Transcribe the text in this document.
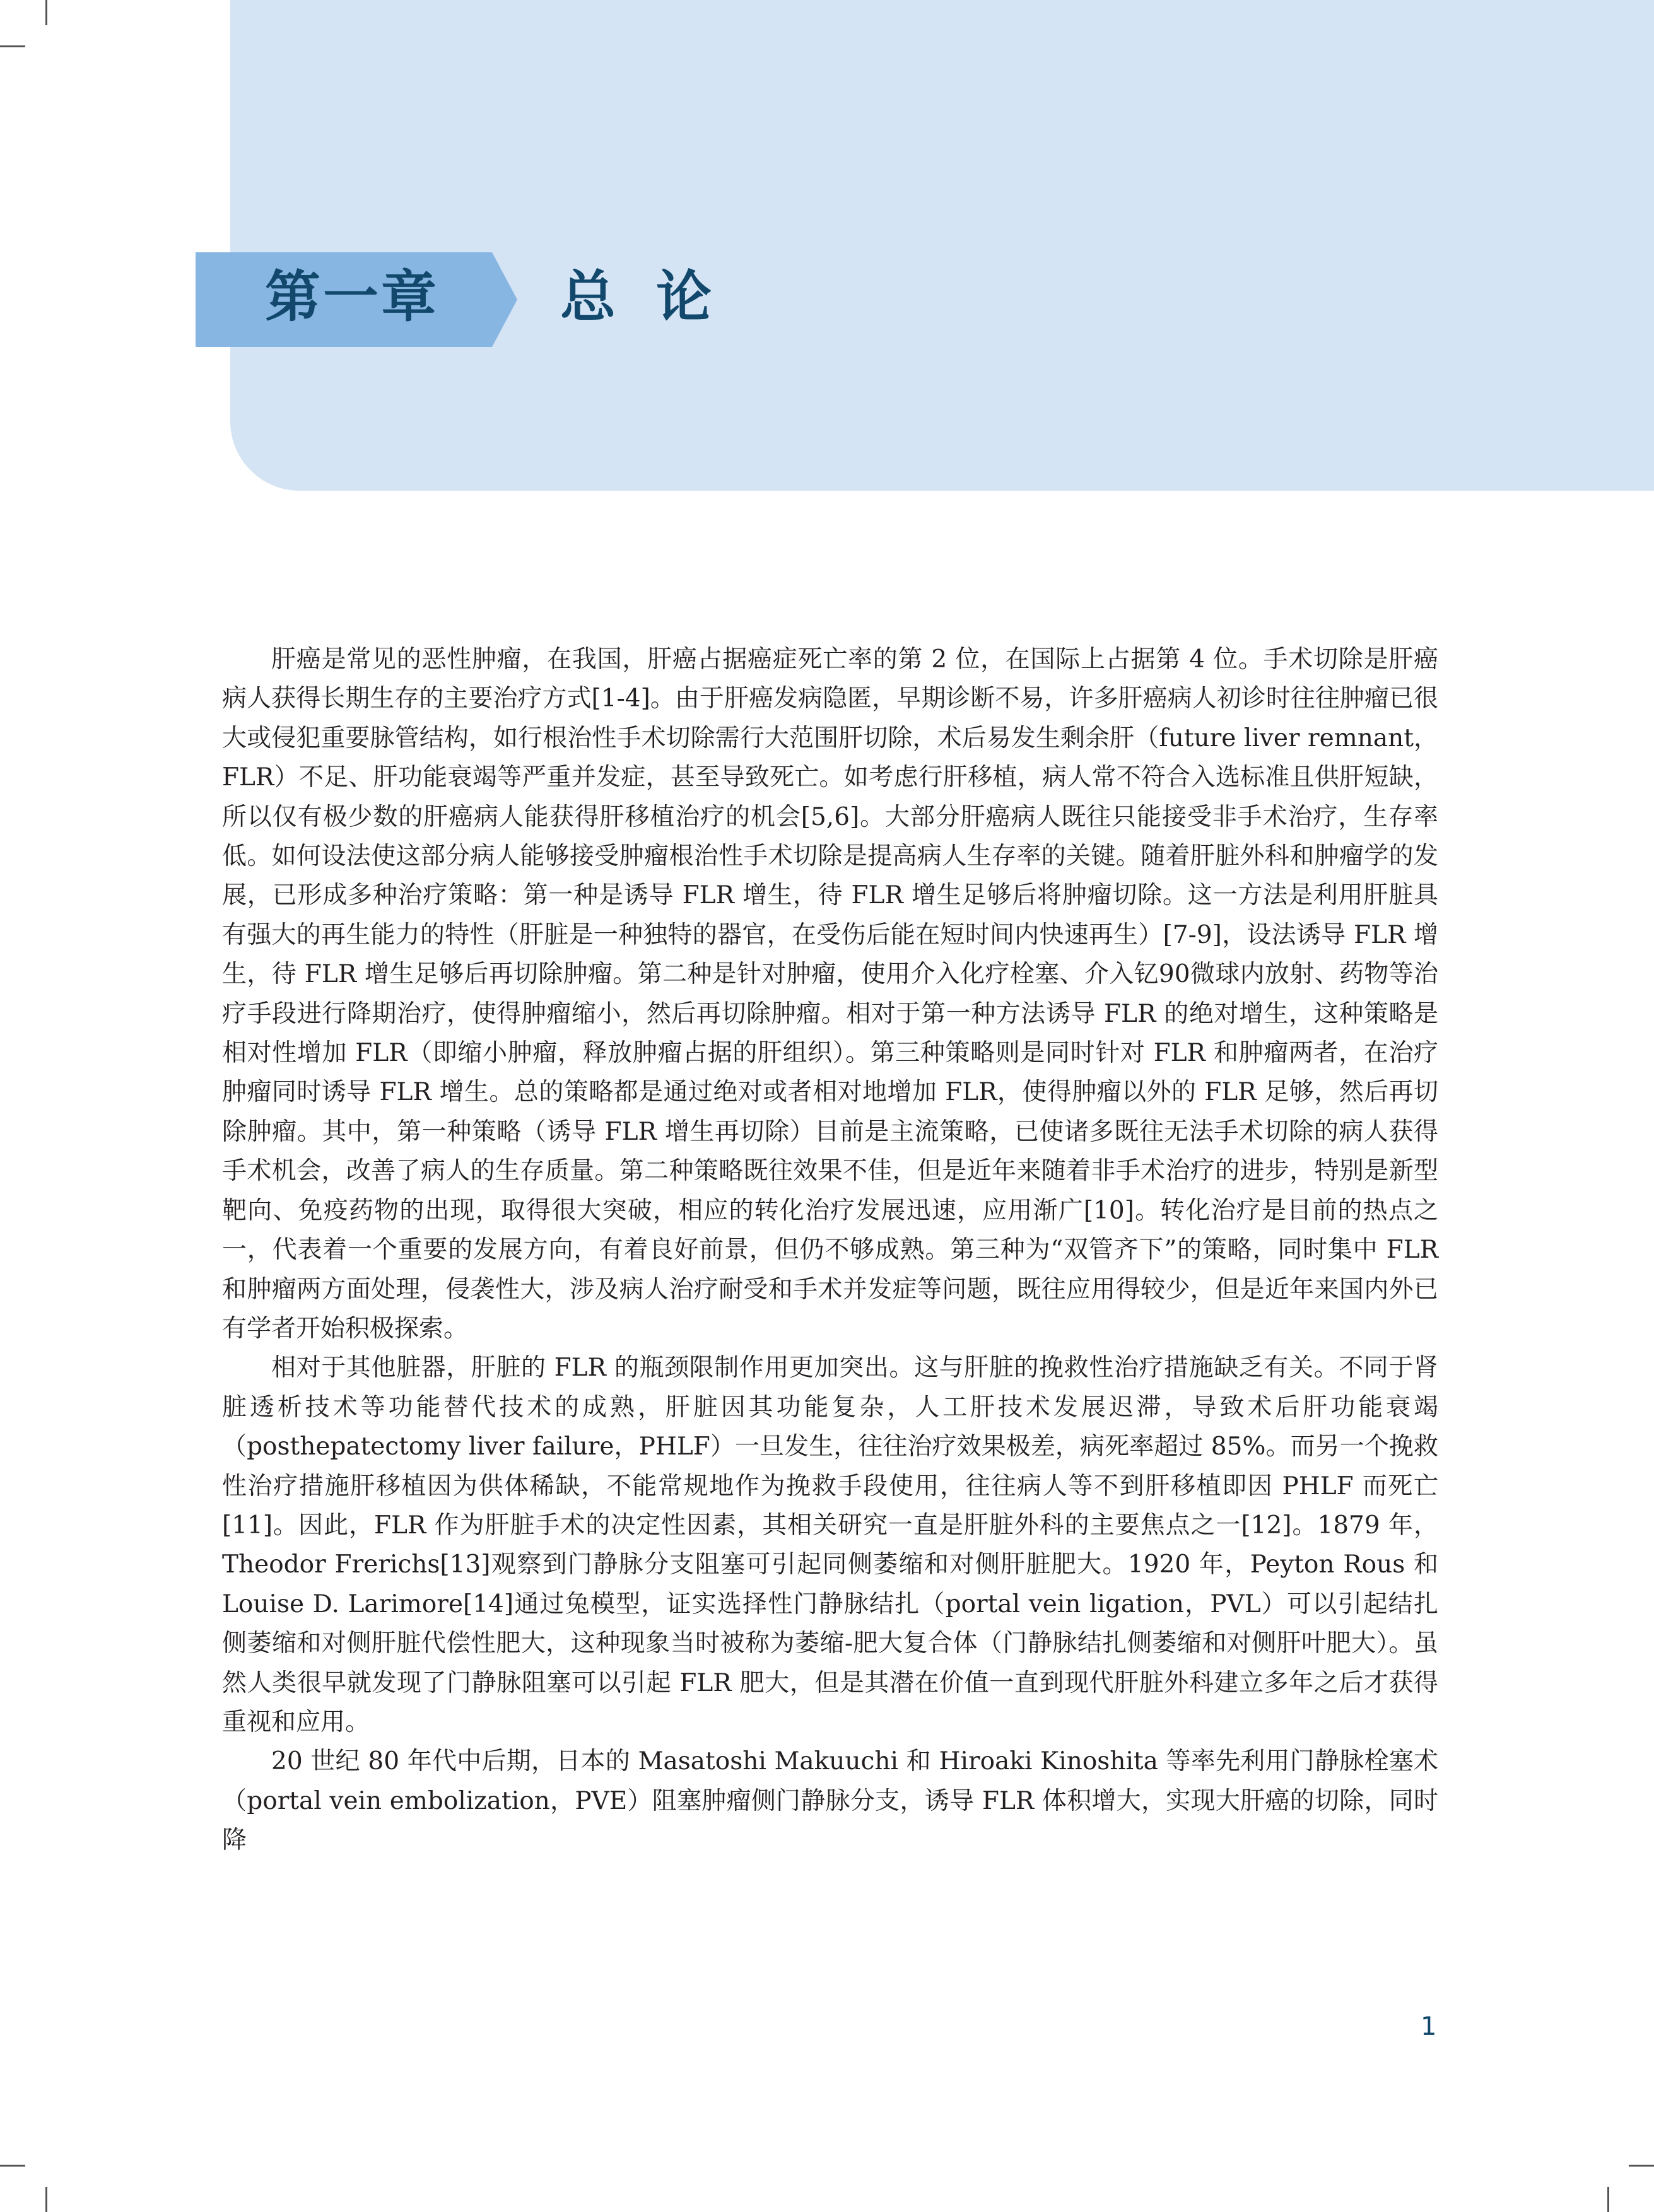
第一章 总论

肝癌是常见的恶性肿瘤，在我国，肝癌占据癌症死亡率的第 2 位，在国际上占据第 4 位。手术切除是肝癌病人获得长期生存的主要治疗方式[1-4]。由于肝癌发病隐匿，早期诊断不易，许多肝癌病人初诊时往往肿瘤已很大或侵犯重要脉管结构，如行根治性手术切除需行大范围肝切除，术后易发生剩余肝（future liver remnant，FLR）不足、肝功能衰竭等严重并发症，甚至导致死亡。如考虑行肝移植，病人常不符合入选标准且供肝短缺，所以仅有极少数的肝癌病人能获得肝移植治疗的机会[5,6]。大部分肝癌病人既往只能接受非手术治疗，生存率低。如何设法使这部分病人能够接受肿瘤根治性手术切除是提高病人生存率的关键。随着肝脏外科和肿瘤学的发展，已形成多种治疗策略：第一种是诱导 FLR 增生，待 FLR 增生足够后将肿瘤切除。这一方法是利用肝脏具有强大的再生能力的特性（肝脏是一种独特的器官，在受伤后能在短时间内快速再生）[7-9]，设法诱导 FLR 增生，待 FLR 增生足够后再切除肿瘤。第二种是针对肿瘤，使用介入化疗栓塞、介入钇90微球内放射、药物等治疗手段进行降期治疗，使得肿瘤缩小，然后再切除肿瘤。相对于第一种方法诱导 FLR 的绝对增生，这种策略是相对性增加 FLR（即缩小肿瘤，释放肿瘤占据的肝组织）。第三种策略则是同时针对 FLR 和肿瘤两者，在治疗肿瘤同时诱导 FLR 增生。总的策略都是通过绝对或者相对地增加 FLR，使得肿瘤以外的 FLR 足够，然后再切除肿瘤。其中，第一种策略（诱导 FLR 增生再切除）目前是主流策略，已使诸多既往无法手术切除的病人获得手术机会，改善了病人的生存质量。第二种策略既往效果不佳，但是近年来随着非手术治疗的进步，特别是新型靶向、免疫药物的出现，取得很大突破，相应的转化治疗发展迅速，应用渐广[10]。转化治疗是目前的热点之一，代表着一个重要的发展方向，有着良好前景，但仍不够成熟。第三种为“双管齐下”的策略，同时集中 FLR 和肿瘤两方面处理，侵袭性大，涉及病人治疗耐受和手术并发症等问题，既往应用得较少，但是近年来国内外已有学者开始积极探索。

相对于其他脏器，肝脏的 FLR 的瓶颈限制作用更加突出。这与肝脏的挽救性治疗措施缺乏有关。不同于肾脏透析技术等功能替代技术的成熟，肝脏因其功能复杂，人工肝技术发展迟滞，导致术后肝功能衰竭（posthepatectomy liver failure，PHLF）一旦发生，往往治疗效果极差，病死率超过 85%。而另一个挽救性治疗措施肝移植因为供体稀缺，不能常规地作为挽救手段使用，往往病人等不到肝移植即因 PHLF 而死亡[11]。因此，FLR 作为肝脏手术的决定性因素，其相关研究一直是肝脏外科的主要焦点之一[12]。1879 年，Theodor Frerichs[13]观察到门静脉分支阻塞可引起同侧萎缩和对侧肝脏肥大。1920 年，Peyton Rous 和 Louise D. Larimore[14]通过兔模型，证实选择性门静脉结扎（portal vein ligation，PVL）可以引起结扎侧萎缩和对侧肝脏代偿性肥大，这种现象当时被称为萎缩-肥大复合体（门静脉结扎侧萎缩和对侧肝叶肥大）。虽然人类很早就发现了门静脉阻塞可以引起 FLR 肥大，但是其潜在价值一直到现代肝脏外科建立多年之后才获得重视和应用。

20 世纪 80 年代中后期，日本的 Masatoshi Makuuchi 和 Hiroaki Kinoshita 等率先利用门静脉栓塞术（portal vein embolization，PVE）阻塞肿瘤侧门静脉分支，诱导 FLR 体积增大，实现大肝癌的切除，同时降

1
